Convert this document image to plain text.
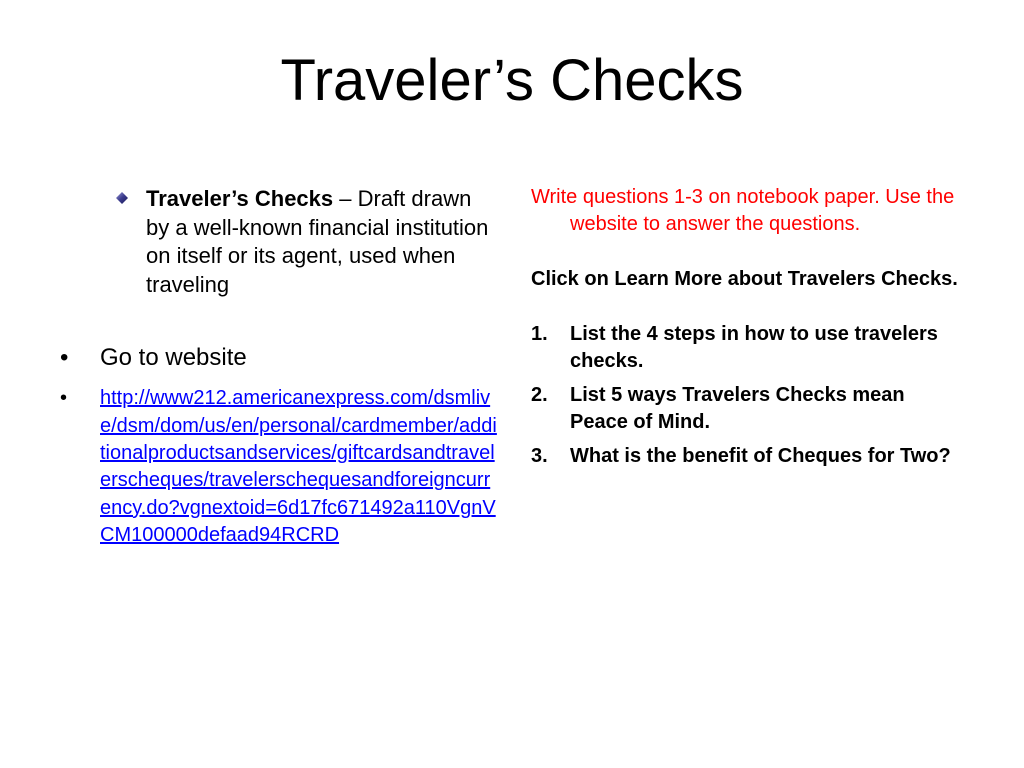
Traveler’s Checks
Traveler’s Checks – Draft drawn by a well-known financial institution on itself or its agent, used when traveling
• Go to website
• http://www212.americanexpress.com/dsmlive/dsm/dom/us/en/personal/cardmember/additionalproductsandservices/giftcardsandtravelerscheques/travelerschequesandforeigncurrency.do?vgnextoid=6d17fc671492a110VgnVCM100000defaad94RCRD
Write questions 1-3 on notebook paper. Use the website to answer the questions.
Click on Learn More about Travelers Checks.
1. List the 4 steps in how to use travelers checks.
2. List 5 ways Travelers Checks mean Peace of Mind.
3. What is the benefit of Cheques for Two?
